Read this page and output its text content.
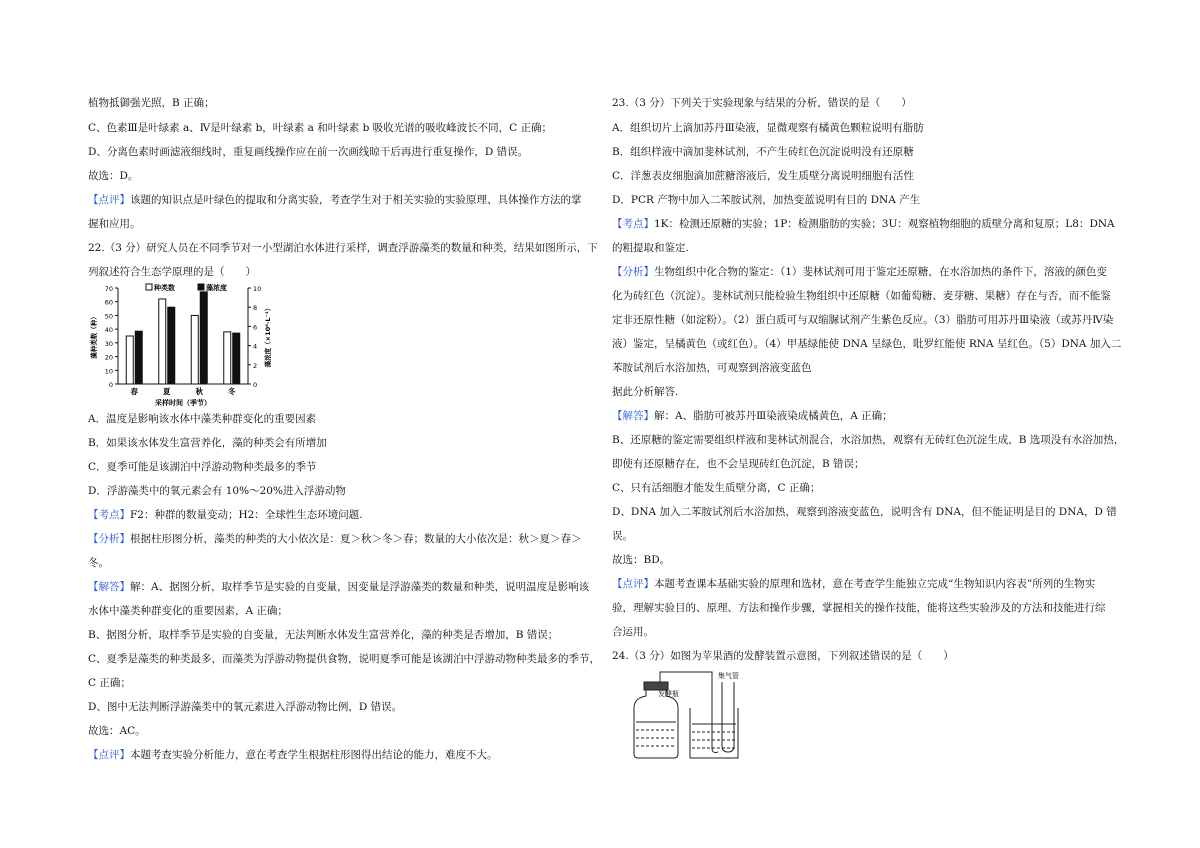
植物抵御强光照，B 正确；
C、色素Ⅲ是叶绿素 a、Ⅳ是叶绿素 b，叶绿素 a 和叶绿素 b 吸收光谱的吸收峰波长不同，C 正确；
D、分离色素时画滤液细线时，重复画线操作应在前一次画线晾干后再进行重复操作，D 错误。
故选：D。
【点评】该题的知识点是叶绿色的提取和分离实验，考查学生对于相关实验的实验原理、具体操作方法的掌
握和应用。
22.（3 分）研究人员在不同季节对一小型湖泊水体进行采样，调查浮游藻类的数量和种类，结果如图所示，下
列叙述符合生态学原理的是（　　）
0
10
20
30
40
50
60
70
0
2
4
6
8
10
春	夏	秋	冬
采样时间（季节）
藻种类数（种）	藻浓度（×10⁶·L⁻¹）
种类数	藻浓度
A．温度是影响该水体中藻类种群变化的重要因素
B．如果该水体发生富营养化，藻的种类会有所增加
C．夏季可能是该湖泊中浮游动物种类最多的季节
D．浮游藻类中的氧元素会有 10%～20%进入浮游动物
【考点】F2：种群的数量变动；H2：全球性生态环境问题.
【分析】根据柱形图分析，藻类的种类的大小依次是：夏＞秋＞冬＞春；数量的大小依次是：秋＞夏＞春＞
冬。
【解答】解：A、据图分析，取样季节是实验的自变量，因变量是浮游藻类的数量和种类，说明温度是影响该
水体中藻类种群变化的重要因素，A 正确；
B、据图分析，取样季节是实验的自变量，无法判断水体发生富营养化，藻的种类是否增加，B 错误；
C、夏季是藻类的种类最多，而藻类为浮游动物提供食物，说明夏季可能是该湖泊中浮游动物种类最多的季节，
C 正确；
D、图中无法判断浮游藻类中的氧元素进入浮游动物比例，D 错误。
故选：AC。
【点评】本题考查实验分析能力，意在考查学生根据柱形图得出结论的能力，难度不大。
23.（3 分）下列关于实验现象与结果的分析，错误的是（　　）
A．组织切片上滴加苏丹Ⅲ染液，显微观察有橘黄色颗粒说明有脂肪
B．组织样液中滴加斐林试剂，不产生砖红色沉淀说明没有还原糖
C．洋葱表皮细胞滴加蔗糖溶液后，发生质壁分离说明细胞有活性
D．PCR 产物中加入二苯胺试剂，加热变蓝说明有目的 DNA 产生
【考点】1K：检测还原糖的实验；1P：检测脂肪的实验；3U：观察植物细胞的质壁分离和复原；L8：DNA
的粗提取和鉴定.
【分析】生物组织中化合物的鉴定：（1）斐林试剂可用于鉴定还原糖，在水浴加热的条件下，溶液的颜色变
化为砖红色（沉淀）。斐林试剂只能检验生物组织中还原糖（如葡萄糖、麦芽糖、果糖）存在与否，而不能鉴
定非还原性糖（如淀粉）。（2）蛋白质可与双缩脲试剂产生紫色反应。（3）脂肪可用苏丹Ⅲ染液（或苏丹Ⅳ染
液）鉴定，呈橘黄色（或红色）。（4）甲基绿能使 DNA 呈绿色，吡罗红能使 RNA 呈红色。（5）DNA 加入二
苯胺试剂后水浴加热，可观察到溶液变蓝色
据此分析解答.
【解答】解：A、脂肪可被苏丹Ⅲ染液染成橘黄色，A 正确；
B、还原糖的鉴定需要组织样液和斐林试剂混合，水浴加热，观察有无砖红色沉淀生成，B 选项没有水浴加热，
即使有还原糖存在，也不会呈现砖红色沉淀，B 错误；
C、只有活细胞才能发生质壁分离，C 正确；
D、DNA 加入二苯胺试剂后水浴加热，观察到溶液变蓝色，说明含有 DNA，但不能证明是目的 DNA，D 错
误。
故选：BD。
【点评】本题考查课本基础实验的原理和选材，意在考查学生能独立完成“生物知识内容表”所列的生物实
验，理解实验目的、原理、方法和操作步骤，掌握相关的操作技能，能将这些实验涉及的方法和技能进行综
合运用。
24.（3 分）如图为苹果酒的发酵装置示意图，下列叙述错误的是（　　）
发酵瓶
集气管
